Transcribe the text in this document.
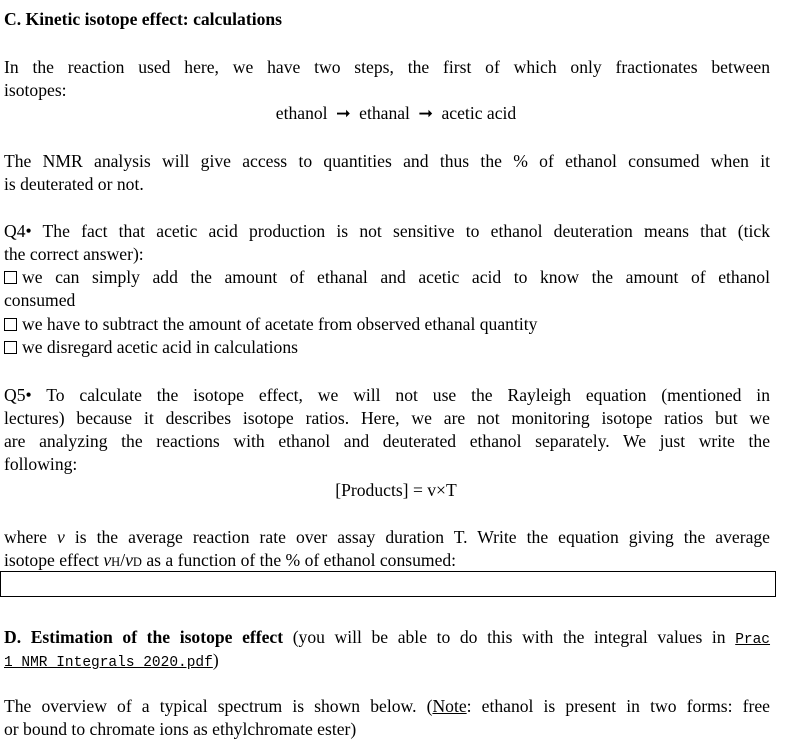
C. Kinetic isotope effect: calculations
In the reaction used here, we have two steps, the first of which only fractionates between
isotopes:
ethanol ➞ ethanal ➞ acetic acid
The NMR analysis will give access to quantities and thus the % of ethanol consumed when it
is deuterated or not.
Q4• The fact that acetic acid production is not sensitive to ethanol deuteration means that (tick
the correct answer):
we can simply add the amount of ethanal and acetic acid to know the amount of ethanol
consumed
we have to subtract the amount of acetate from observed ethanal quantity
we disregard acetic acid in calculations
Q5• To calculate the isotope effect, we will not use the Rayleigh equation (mentioned in
lectures) because it describes isotope ratios. Here, we are not monitoring isotope ratios but we
are analyzing the reactions with ethanol and deuterated ethanol separately. We just write the
following:
[Products] = v×T
where v is the average reaction rate over assay duration T. Write the equation giving the average
isotope effect vH/vD as a function of the % of ethanol consumed:
D. Estimation of the isotope effect (you will be able to do this with the integral values in Prac
1 NMR Integrals 2020.pdf)
The overview of a typical spectrum is shown below. (Note: ethanol is present in two forms: free
or bound to chromate ions as ethylchromate ester)
